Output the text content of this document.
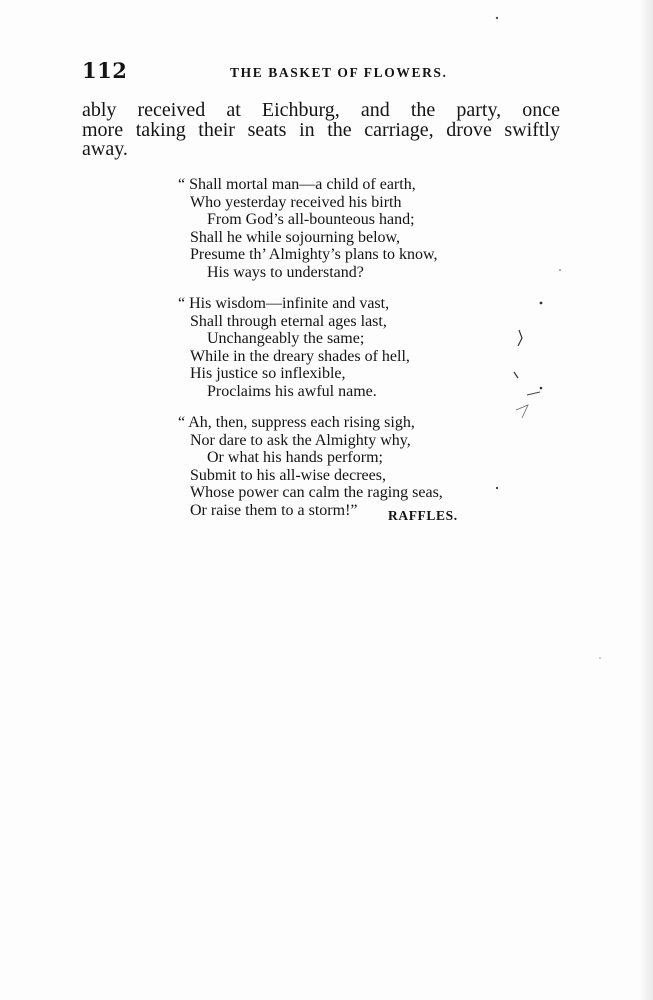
112	THE BASKET OF FLOWERS.
ably received at Eichburg, and the party, once
more taking their seats in the carriage, drove swiftly
away.
“ Shall mortal man—a child of earth,
Who yesterday received his birth
From God’s all-bounteous hand;
Shall he while sojourning below,
Presume th’ Almighty’s plans to know,
His ways to understand?
“ His wisdom—infinite and vast,
Shall through eternal ages last,
Unchangeably the same;
While in the dreary shades of hell,
His justice so inflexible,
Proclaims his awful name.
“ Ah, then, suppress each rising sigh,
Nor dare to ask the Almighty why,
Or what his hands perform;
Submit to his all-wise decrees,
Whose power can calm the raging seas,
Or raise them to a storm!”	RAFFLES.
